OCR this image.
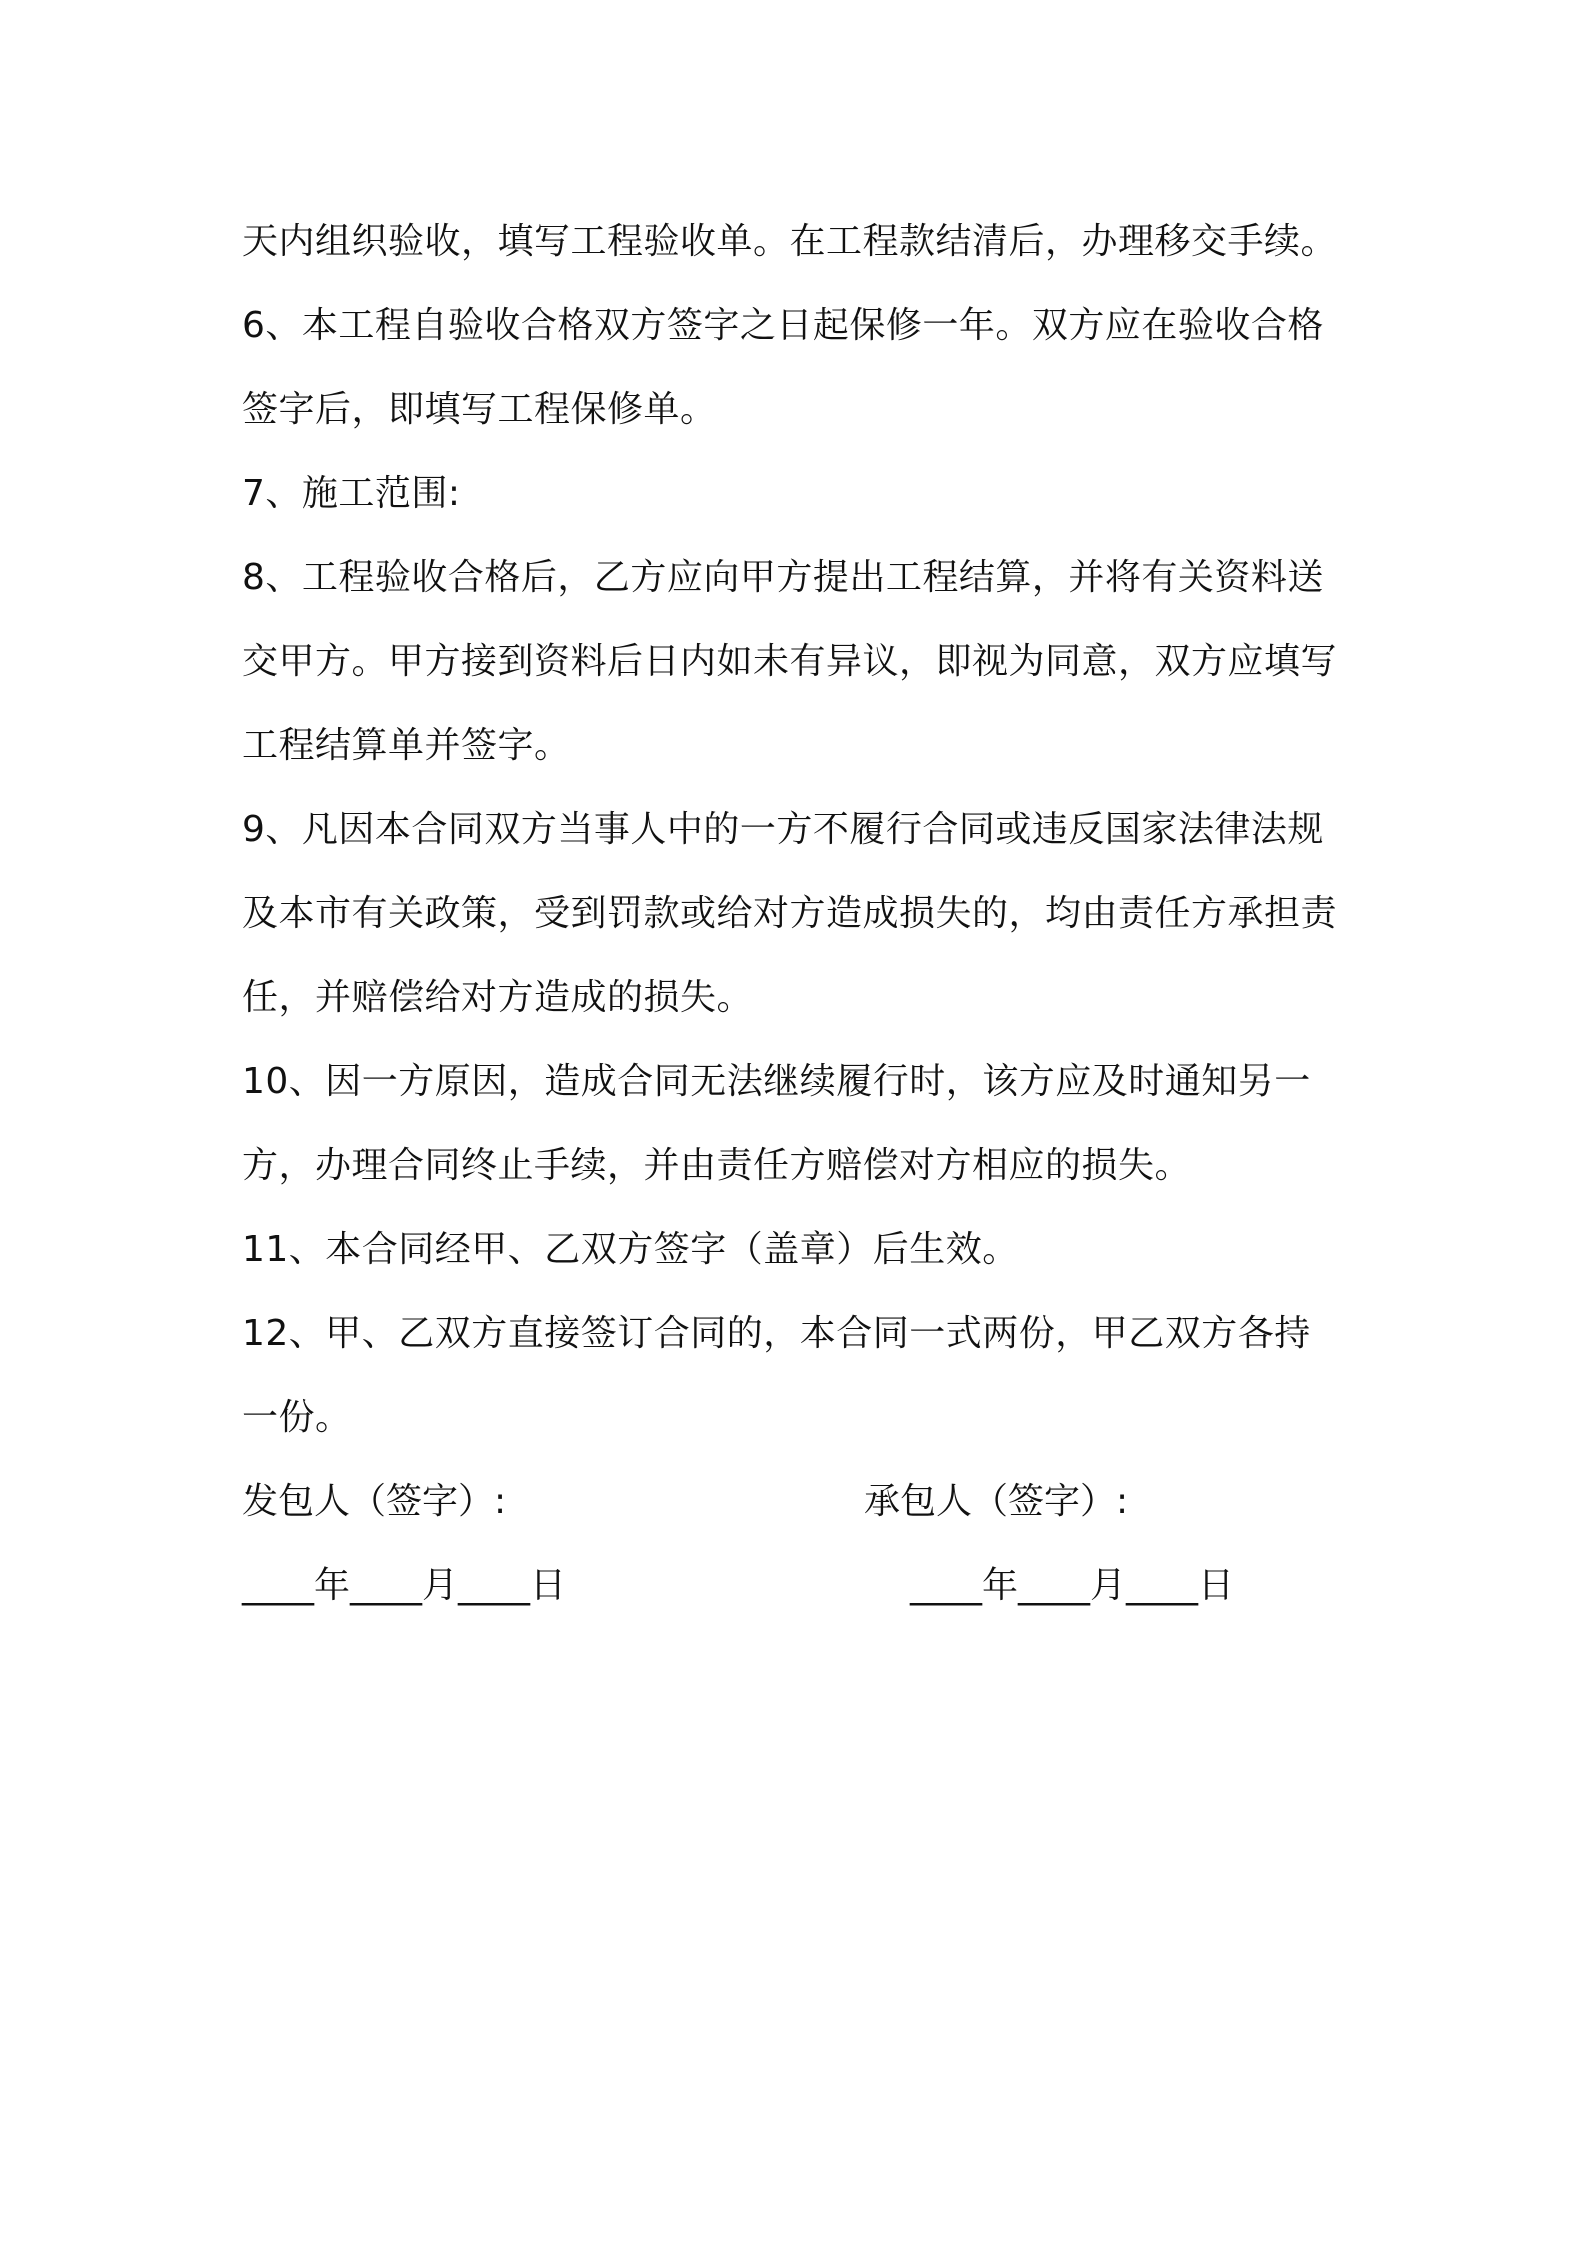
天内组织验收，填写工程验收单。在工程款结清后，办理移交手续。
6、本工程自验收合格双方签字之日起保修一年。双方应在验收合格
签字后，即填写工程保修单。
7、施工范围:
8、工程验收合格后，乙方应向甲方提出工程结算，并将有关资料送
交甲方。甲方接到资料后日内如未有异议，即视为同意，双方应填写
工程结算单并签字。
9、凡因本合同双方当事人中的一方不履行合同或违反国家法律法规
及本市有关政策，受到罚款或给对方造成损失的，均由责任方承担责
任，并赔偿给对方造成的损失。
10、因一方原因，造成合同无法继续履行时，该方应及时通知另一
方，办理合同终止手续，并由责任方赔偿对方相应的损失。
11、本合同经甲、乙双方签字（盖章）后生效。
12、甲、乙双方直接签订合同的，本合同一式两份，甲乙双方各持
一份。
发包人（签字）:	承包人（签字）:
____年____月____日	____年____月____日
